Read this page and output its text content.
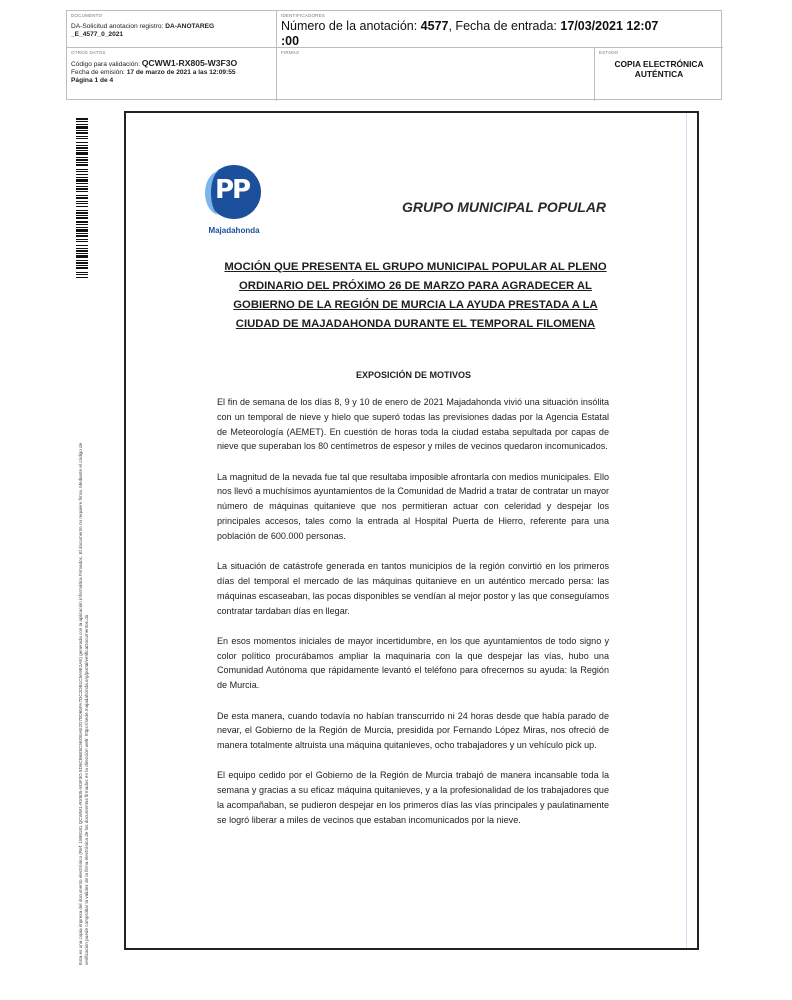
DOCUMENTO
DA-Solicitud anotacion registro: DA-ANOTAREG
_E_4577_0_2021
IDENTIFICADORES
Número de la anotación: 4577, Fecha de entrada: 17/03/2021 12:07
:00
OTROS DATOS
Código para validación: QCWW1-RX805-W3F3O
Fecha de emisión: 17 de marzo de 2021 a las 12:09:55
Página 1 de 4
FIRMAS	ESTADO
COPIA ELECTRÓNICA
AUTÉNTICA
Esta es una copia impresa del documento electrónico (Ref: 1898181 QCWW1-RX805-W3F3O 8D9CB6E8C5EDEAE2D70D65FA7DC2DB1C8A9E2AE) generada con la aplicación informática Firmadoc. El documento no requiere firma. Mediante el código de verificación puede comprobar la validez de la firma electrónica de los documentos firmados en la dirección web: https://sede.majadahonda.org/portal/verificaDocumentos.do
PP
Majadahonda
GRUPO MUNICIPAL POPULAR
MOCIÓN QUE PRESENTA EL GRUPO MUNICIPAL POPULAR AL PLENO
ORDINARIO DEL PRÓXIMO 26 DE MARZO PARA AGRADECER AL
GOBIERNO DE LA REGIÓN DE MURCIA LA AYUDA PRESTADA A LA
CIUDAD DE MAJADAHONDA DURANTE EL TEMPORAL FILOMENA
EXPOSICIÓN DE MOTIVOS

El fin de semana de los días 8, 9 y 10 de enero de 2021 Majadahonda vivió una situación insólita con un temporal de nieve y hielo que superó todas las previsiones dadas por la Agencia Estatal de Meteorología (AEMET). En cuestión de horas toda la ciudad estaba sepultada por capas de nieve que superaban los 80 centímetros de espesor y miles de vecinos quedaron incomunicados.

La magnitud de la nevada fue tal que resultaba imposible afrontarla con medios municipales. Ello nos llevó a muchísimos ayuntamientos de la Comunidad de Madrid a tratar de contratar un mayor número de máquinas quitanieve que nos permitieran actuar con celeridad y despejar los principales accesos, tales como la entrada al Hospital Puerta de Hierro, referente para una población de 600.000 personas.

La situación de catástrofe generada en tantos municipios de la región convirtió en los primeros días del temporal el mercado de las máquinas quitanieve en un auténtico mercado persa: las máquinas escaseaban, las pocas disponibles se vendían al mejor postor y las que conseguíamos contratar tardaban días en llegar.

En esos momentos iniciales de mayor incertidumbre, en los que ayuntamientos de todo signo y color político procurábamos ampliar la maquinaria con la que despejar las vías, hubo una Comunidad Autónoma que rápidamente levantó el teléfono para ofrecernos su ayuda: la Región de Murcia.

De esta manera, cuando todavía no habían transcurrido ni 24 horas desde que había parado de nevar, el Gobierno de la Región de Murcia, presidida por Fernando López Miras, nos ofreció de manera totalmente altruista una máquina quitanieves, ocho trabajadores y un vehículo pick up.

El equipo cedido por el Gobierno de la Región de Murcia trabajó de manera incansable toda la semana y gracias a su eficaz máquina quitanieves, y a la profesionalidad de los trabajadores que la acompañaban, se pudieron despejar en los primeros días las vías principales y paulatinamente se logró liberar a miles de vecinos que estaban incomunicados por la nieve.
